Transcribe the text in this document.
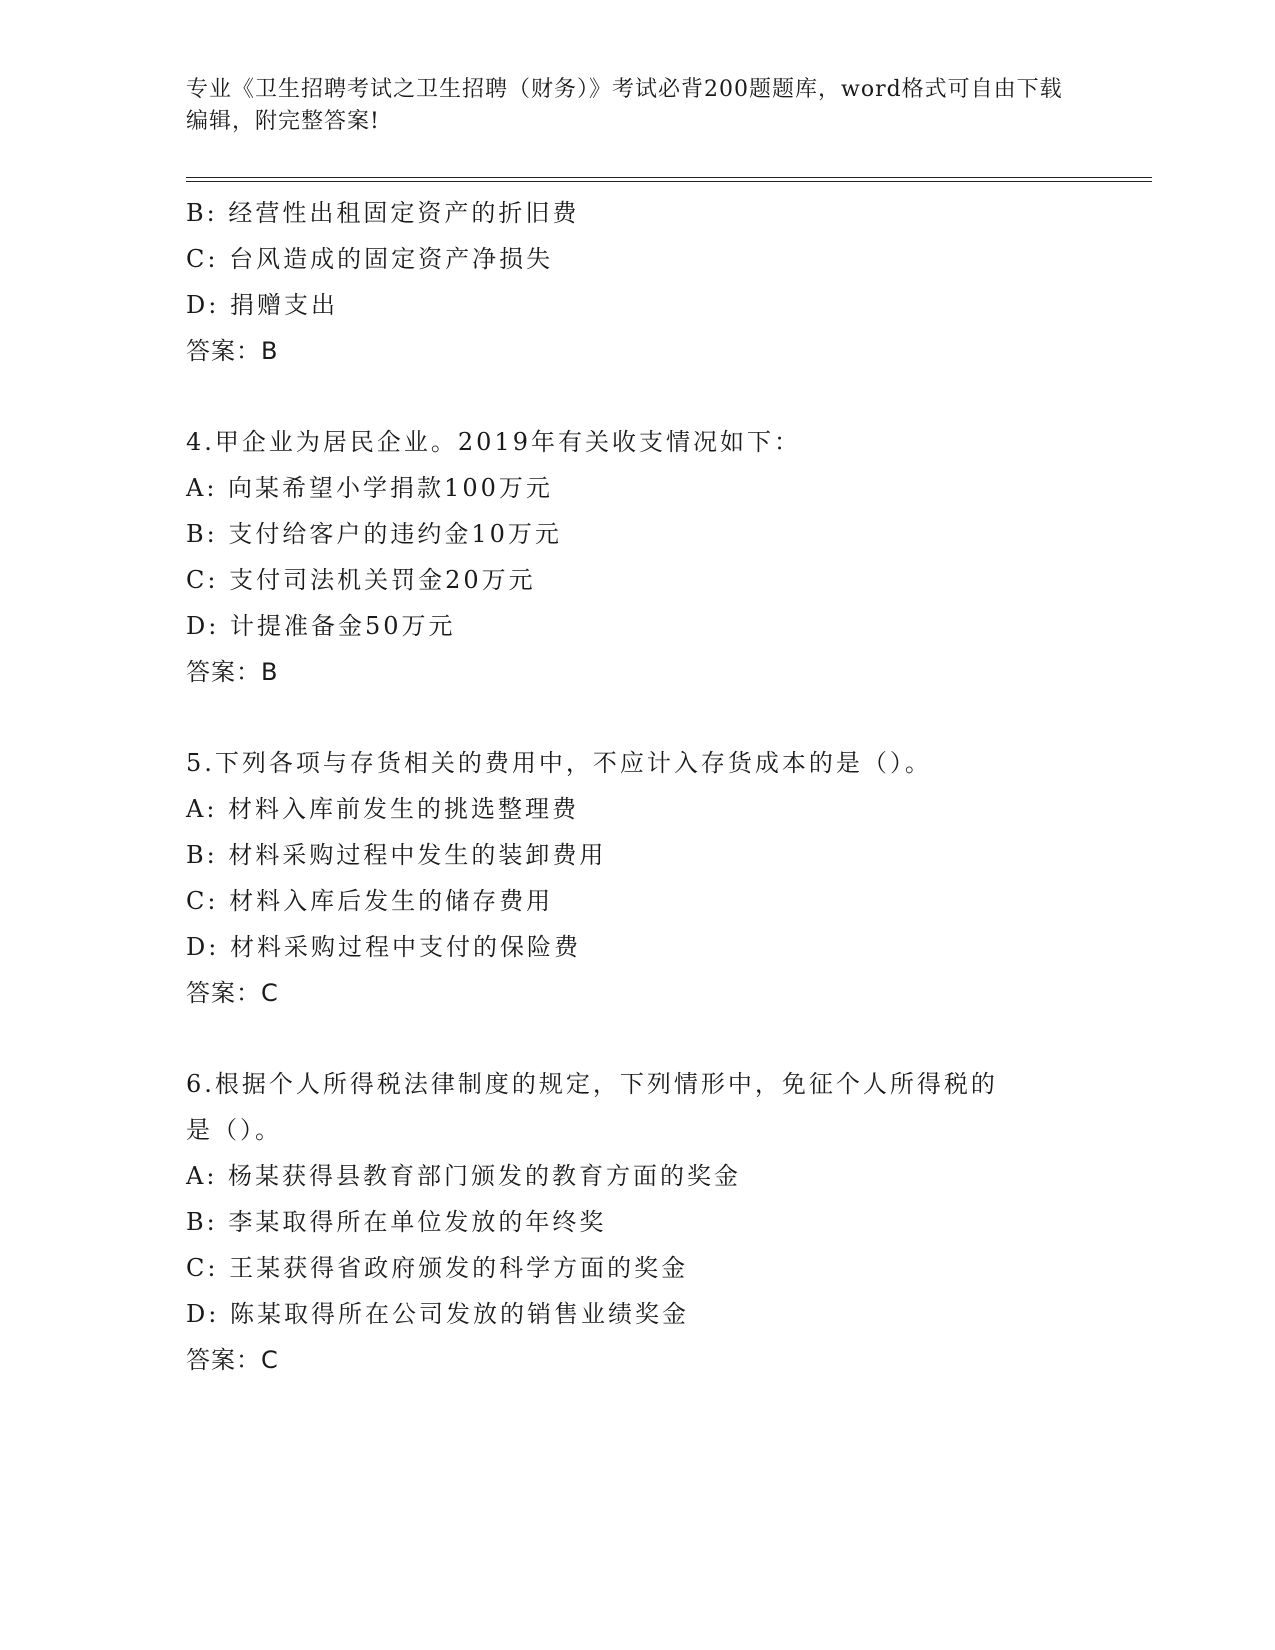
专业《卫生招聘考试之卫生招聘（财务）》考试必背200题题库，word格式可自由下载编辑，附完整答案!
B: 经营性出租固定资产的折旧费
C: 台风造成的固定资产净损失
D: 捐赠支出
答案：B
4.甲企业为居民企业。2019年有关收支情况如下：
A: 向某希望小学捐款100万元
B: 支付给客户的违约金10万元
C: 支付司法机关罚金20万元
D: 计提准备金50万元
答案：B
5.下列各项与存货相关的费用中，不应计入存货成本的是（）。
A: 材料入库前发生的挑选整理费
B: 材料采购过程中发生的装卸费用
C: 材料入库后发生的储存费用
D: 材料采购过程中支付的保险费
答案：C
6.根据个人所得税法律制度的规定，下列情形中，免征个人所得税的
是（）。
A: 杨某获得县教育部门颁发的教育方面的奖金
B: 李某取得所在单位发放的年终奖
C: 王某获得省政府颁发的科学方面的奖金
D: 陈某取得所在公司发放的销售业绩奖金
答案：C
